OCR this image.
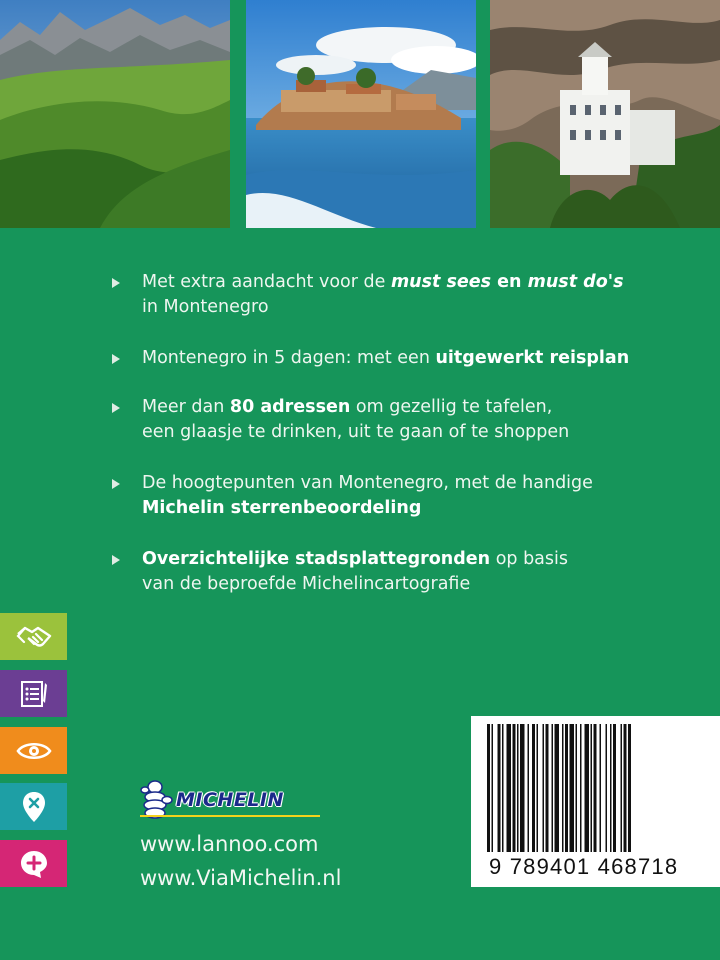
Met extra aandacht voor de must sees en must do's
in Montenegro
Montenegro in 5 dagen: met een uitgewerkt reisplan
Meer dan 80 adressen om gezellig te tafelen,
een glaasje te drinken, uit te gaan of te shoppen
De hoogtepunten van Montenegro, met de handige
Michelin sterrenbeoordeling
Overzichtelijke stadsplattegronden op basis
van de beproefde Michelincartografie
MICHELIN
www.lannoo.com
www.ViaMichelin.nl	9 789401 468718
